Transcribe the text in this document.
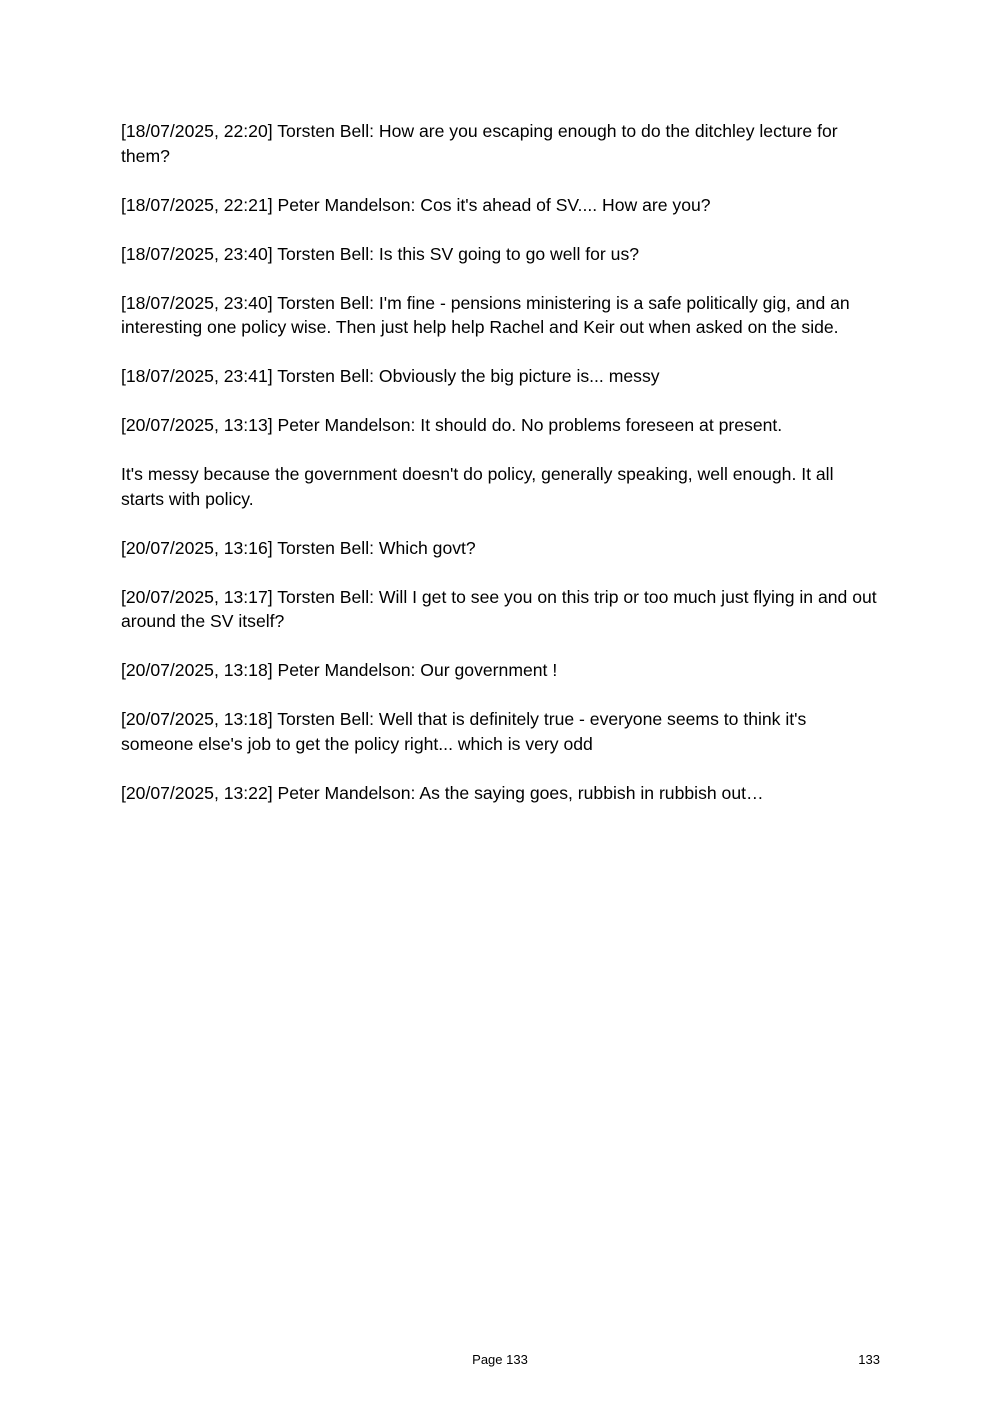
[18/07/2025, 22:20] Torsten Bell: How are you escaping enough to do the ditchley lecture for them?

[18/07/2025, 22:21] Peter Mandelson: Cos it's ahead of SV.... How are you?

[18/07/2025, 23:40] Torsten Bell: Is this SV going to go well for us?

[18/07/2025, 23:40] Torsten Bell: I'm fine - pensions ministering is a safe politically gig, and an interesting one policy wise. Then just help help Rachel and Keir out when asked on the side.

[18/07/2025, 23:41] Torsten Bell: Obviously the big picture is... messy

[20/07/2025, 13:13] Peter Mandelson: It should do. No problems foreseen at present.

It's messy because the government doesn't do policy, generally speaking, well enough. It all starts with policy.

[20/07/2025, 13:16] Torsten Bell: Which govt?

[20/07/2025, 13:17] Torsten Bell: Will I get to see you on this trip or too much just flying in and out around the SV itself?

[20/07/2025, 13:18] Peter Mandelson: Our government !

[20/07/2025, 13:18] Torsten Bell: Well that is definitely true - everyone seems to think it's someone else's job to get the policy right... which is very odd

[20/07/2025, 13:22] Peter Mandelson: As the saying goes, rubbish in rubbish out…

Page 133	133
